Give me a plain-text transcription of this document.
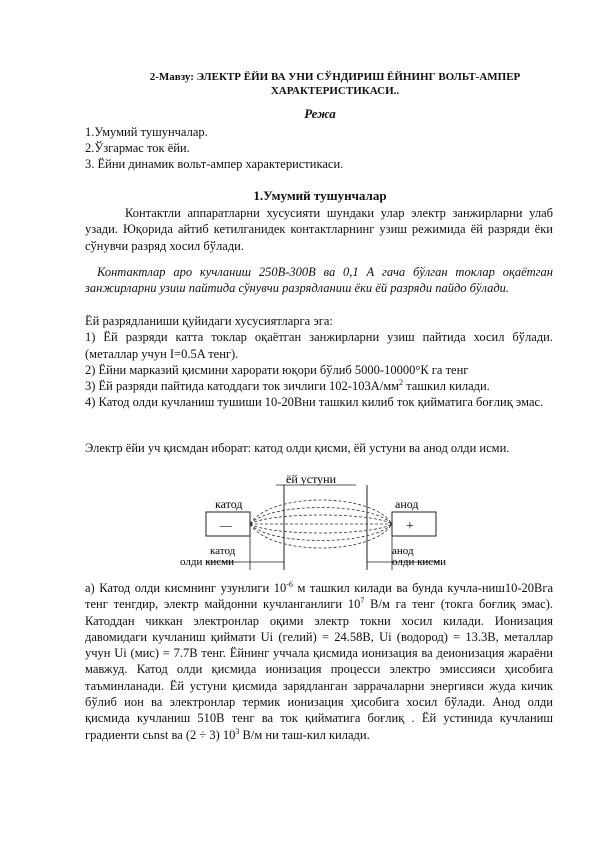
2-Мавзу: ЭЛЕКТР ЁЙИ ВА УНИ СЎНДИРИШ ЁЙНИНГ ВОЛЬТ-АМПЕР
ХАРАКТЕРИСТИКАСИ..
Режа
1.Умумий тушунчалар.
2.Ўзгармас ток ёйи.
3. Ёйни динамик вольт-ампер характеристикаси.
1.Умумий тушунчалар

Контактли аппаратларни хусусияти шундаки улар электр занжирларни улаб узади. Юқорида айтиб кетилганидек контактларнинг узиш режимида ёй разряди ёки сўнувчи разряд хосил бўлади.

Контактлар аро кучланиш 250В-300В ва 0,1 А гача бўлган токлар оқаётган занжирларни узиш пайтида сўнувчи разрядланиш ёки ёй разряди пайдо бўлади.

Ёй разрядланиши қуйидаги хусусиятларга эга:

1) Ёй разряди катта токлар оқаётган занжирларни узиш пайтида хосил бўлади.(металлар учун I=0.5A тенг).

2) Ёйни марказий қисмини харорати юқори бўлиб 5000-10000°К га тенг

3) Ёй разряди пайтида катоддаги ток зичлиги $102-103А/мм^2$ ташкил килади.

4) Катод олди кучланиш тушиши 10-20Вни ташкил килиб ток қийматига боғлиқ эмас.

Электр ёйи уч қисмдан иборат: катод олди қисми, ёй устуни ва анод олди исми.

ёй устуни
катод
—
анод
+
катод
олди кисми
анод
олди кисми

а) Катод олди кисмнинг узунлиги $10^{-6}$ м ташкил килади ва бунда кучла-ниш10-20Вга тенг тенгдир, электр майдонни кучланганлиги $10^7$ В/м га тенг (токга боғлиқ эмас). Катоддан чиккан электронлар оқими электр токни хосил килади. Ионизация давомидаги кучланиш қиймати Ui (гелий) = 24.58В, Ui (водород) = 13.3В, металлар учун Ui (мис) = 7.7В тенг. Ёйнинг уччала қисмида ионизация ва деионизация жараёни мавжуд. Катод олди қисмида ионизация процесси электро эмиссияси ҳисобига таъминланади. Ёй устуни қисмида зарядланган заррачаларни энергияси жуда кичик бўлиб ион ва электронлар термик ионизация ҳисобига хосил бўлади. Анод олди қисмида кучланиш 510В тенг ва ток қийматига боғлиқ . Ёй устинида кучланиш градиенти сьnst ва (2 ÷ 3) $10^3$ В/м ни таш-кил килади.
